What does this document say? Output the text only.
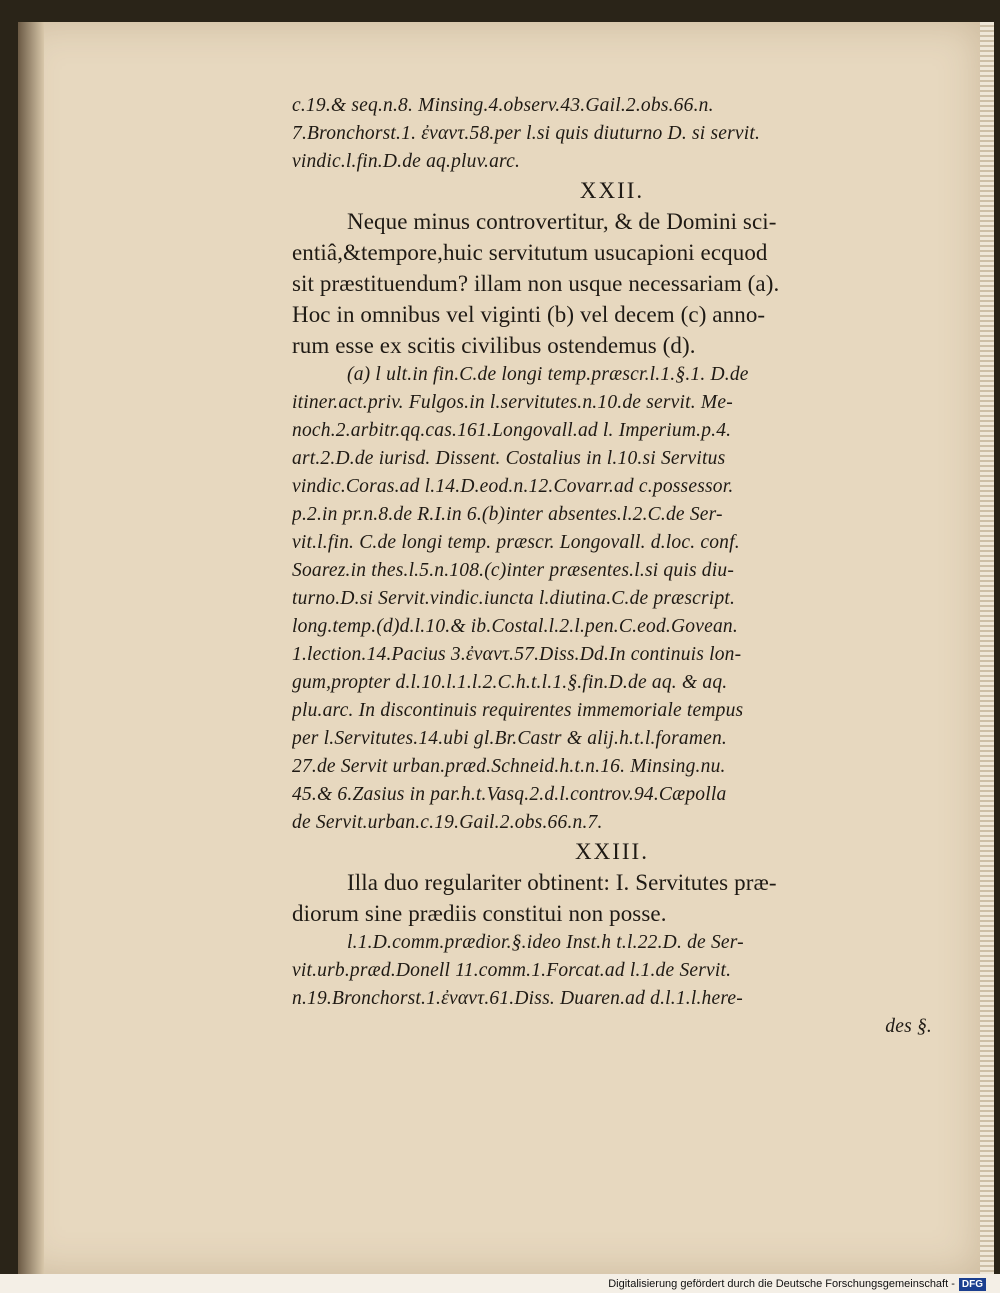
c.19.& seq.n.8. Minsing.4.observ.43.Gail.2.obs.66.n.
7.Bronchorst.1. ἐναντ.58.per l.si quis diuturno D. si servit.
vindic.l.fin.D.de aq.pluv.arc.
XXII.
Neque minus controvertitur, & de Domini sci-
entiâ,&tempore,huic servitutum usucapioni ecquod
sit præstituendum? illam non usque necessariam (a).
Hoc in omnibus vel viginti (b) vel decem (c) anno-
rum esse ex scitis civilibus ostendemus (d).
(a) l ult.in fin.C.de longi temp.præscr.l.1.§.1. D.de
itiner.act.priv. Fulgos.in l.servitutes.n.10.de servit. Me-
noch.2.arbitr.qq.cas.161.Longovall.ad l. Imperium.p.4.
art.2.D.de iurisd. Dissent. Costalius in l.10.si Servitus
vindic.Coras.ad l.14.D.eod.n.12.Covarr.ad c.possessor.
p.2.in pr.n.8.de R.I.in 6.(b)inter absentes.l.2.C.de Ser-
vit.l.fin. C.de longi temp. præscr. Longovall. d.loc. conf.
Soarez.in thes.l.5.n.108.(c)inter præsentes.l.si quis diu-
turno.D.si Servit.vindic.iuncta l.diutina.C.de præscript.
long.temp.(d)d.l.10.& ib.Costal.l.2.l.pen.C.eod.Govean.
1.lection.14.Pacius 3.ἐναντ.57.Diss.Dd.In continuis lon-
gum,propter d.l.10.l.1.l.2.C.h.t.l.1.§.fin.D.de aq. & aq.
plu.arc. In discontinuis requirentes immemoriale tempus
per l.Servitutes.14.ubi gl.Br.Castr & alij.h.t.l.foramen.
27.de Servit urban.præd.Schneid.h.t.n.16. Minsing.nu.
45.& 6.Zasius in par.h.t.Vasq.2.d.l.controv.94.Cæpolla
de Servit.urban.c.19.Gail.2.obs.66.n.7.
XXIII.
Illa duo regulariter obtinent: I. Servitutes præ-
diorum sine prædiis constitui non posse.
l.1.D.comm.prædior.§.ideo Inst.h t.l.22.D. de Ser-
vit.urb.præd.Donell 11.comm.1.Forcat.ad l.1.de Servit.
n.19.Bronchorst.1.ἐναντ.61.Diss. Duaren.ad d.l.1.l.here-
des §.
Digitalisierung gefördert durch die Deutsche Forschungsgemeinschaft - DFG
